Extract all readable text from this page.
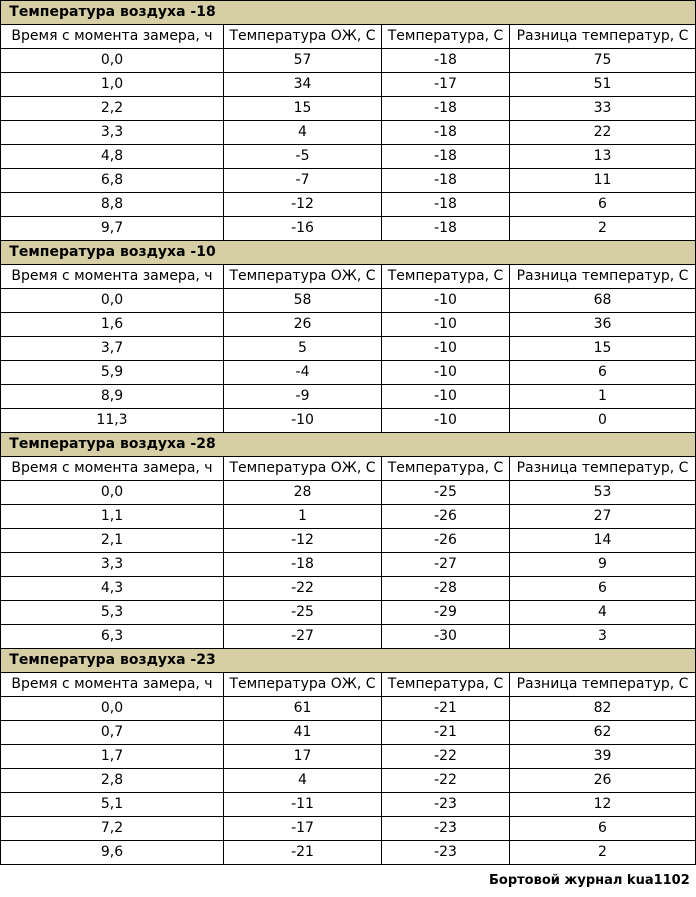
Температура воздуха -18			
Время с момента замера, ч	Температура ОЖ, С	Температура, С	Разница температур, С
0,0	57	-18	75
1,0	34	-17	51
2,2	15	-18	33
3,3	4	-18	22
4,8	-5	-18	13
6,8	-7	-18	11
8,8	-12	-18	6
9,7	-16	-18	2
Температура воздуха -10			
Время с момента замера, ч	Температура ОЖ, С	Температура, С	Разница температур, С
0,0	58	-10	68
1,6	26	-10	36
3,7	5	-10	15
5,9	-4	-10	6
8,9	-9	-10	1
11,3	-10	-10	0
Температура воздуха -28			
Время с момента замера, ч	Температура ОЖ, С	Температура, С	Разница температур, С
0,0	28	-25	53
1,1	1	-26	27
2,1	-12	-26	14
3,3	-18	-27	9
4,3	-22	-28	6
5,3	-25	-29	4
6,3	-27	-30	3
Температура воздуха -23			
Время с момента замера, ч	Температура ОЖ, С	Температура, С	Разница температур, С
0,0	61	-21	82
0,7	41	-21	62
1,7	17	-22	39
2,8	4	-22	26
5,1	-11	-23	12
7,2	-17	-23	6
9,6	-21	-23	2
Бортовой журнал kua1102
